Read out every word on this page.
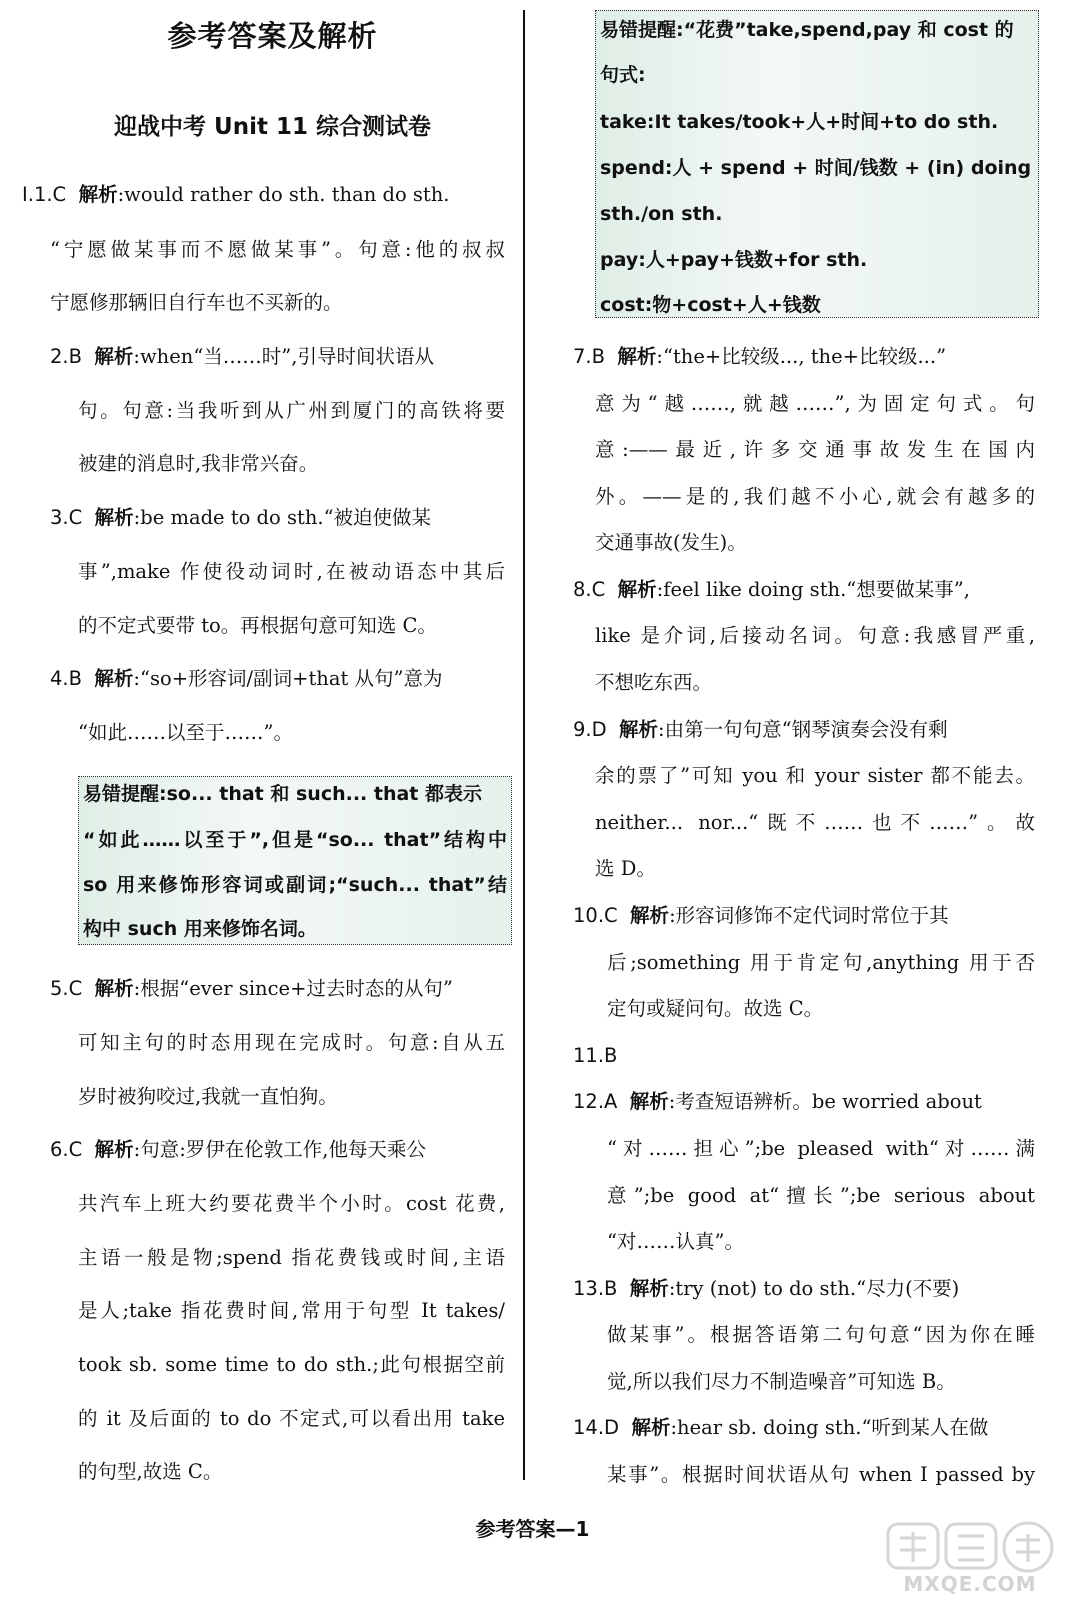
参考答案及解析
迎战中考 Unit 11 综合测试卷
Ⅰ.1.C 解析:would rather do sth. than do sth.
“宁愿做某事而不愿做某事”。句意:他的叔叔
宁愿修那辆旧自行车也不买新的。
2.B 解析:when“当……时”,引导时间状语从
句。句意:当我听到从广州到厦门的高铁将要
被建的消息时,我非常兴奋。
3.C 解析:be made to do sth.“被迫使做某
事”,make 作使役动词时,在被动语态中其后
的不定式要带 to。再根据句意可知选 C。
4.B 解析:“so+形容词/副词+that 从句”意为
“如此……以至于……”。
易错提醒:so... that 和 such... that 都表示
“如此……以至于”,但是“so... that”结构中
so 用来修饰形容词或副词;“such... that”结
构中 such 用来修饰名词。
5.C 解析:根据“ever since+过去时态的从句”
可知主句的时态用现在完成时。句意:自从五
岁时被狗咬过,我就一直怕狗。
6.C 解析:句意:罗伊在伦敦工作,他每天乘公
共汽车上班大约要花费半个小时。cost 花费,
主语一般是物;spend 指花费钱或时间,主语
是人;take 指花费时间,常用于句型 It takes/
took sb. some time to do sth.;此句根据空前
的 it 及后面的 to do 不定式,可以看出用 take
的句型,故选 C。
易错提醒:“花费”take,spend,pay 和 cost 的
句式:
take:It takes/took+人+时间+to do sth.
spend:人 + spend + 时间/钱数 + (in) doing
sth./on sth.
pay:人+pay+钱数+for sth.
cost:物+cost+人+钱数
7.B 解析:“the+比较级..., the+比较级...”
意为“越……,就越……”,为固定句式。句
意:——最近,许多交通事故发生在国内
外。——是的,我们越不小心,就会有越多的
交通事故(发生)。
8.C 解析:feel like doing sth.“想要做某事”,
like 是介词,后接动名词。句意:我感冒严重,
不想吃东西。
9.D 解析:由第一句句意“钢琴演奏会没有剩
余的票了”可知 you 和 your sister 都不能去。
neither... nor...“既不……也不……”。故
选 D。
10.C 解析:形容词修饰不定代词时常位于其
后;something 用于肯定句,anything 用于否
定句或疑问句。故选 C。
11.B
12.A 解析:考查短语辨析。be worried about
“对……担心”;be pleased with“对……满
意”;be good at“擅长”;be serious about
“对……认真”。
13.B 解析:try (not) to do sth.“尽力(不要)
做某事”。根据答语第二句句意“因为你在睡
觉,所以我们尽力不制造噪音”可知选 B。
14.D 解析:hear sb. doing sth.“听到某人在做
某事”。根据时间状语从句 when I passed by
参考答案—1
MXQE.COM
